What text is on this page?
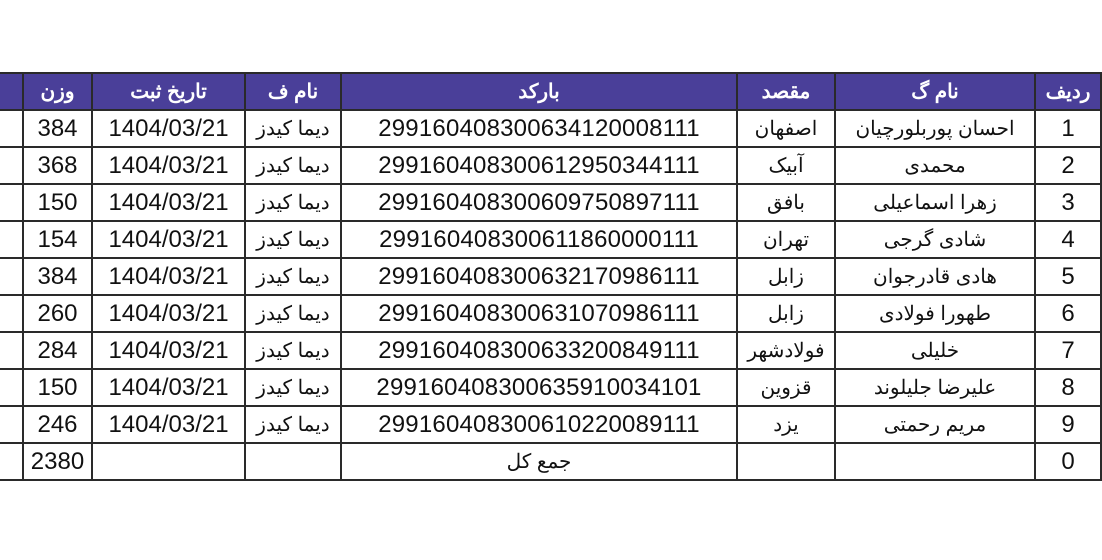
	وزن	تاریخ ثبت	نام ف	بارکد	مقصد	نام گ	ردیف
	384	1404/03/21	دیما کیدز	299160408300634120008111	اصفهان	احسان پوربلورچیان	1
	368	1404/03/21	دیما کیدز	299160408300612950344111	آبیک	محمدی	2
	150	1404/03/21	دیما کیدز	299160408300609750897111	بافق	زهرا اسماعیلی	3
	154	1404/03/21	دیما کیدز	299160408300611860000111	تهران	شادی گرجی	4
	384	1404/03/21	دیما کیدز	299160408300632170986111	زابل	هادی قادرجوان	5
	260	1404/03/21	دیما کیدز	299160408300631070986111	زابل	طهورا فولادی	6
	284	1404/03/21	دیما کیدز	299160408300633200849111	فولادشهر	خلیلی	7
	150	1404/03/21	دیما کیدز	299160408300635910034101	قزوین	علیرضا جلیلوند	8
	246	1404/03/21	دیما کیدز	299160408300610220089111	یزد	مریم رحمتی	9
	2380			جمع کل			0
